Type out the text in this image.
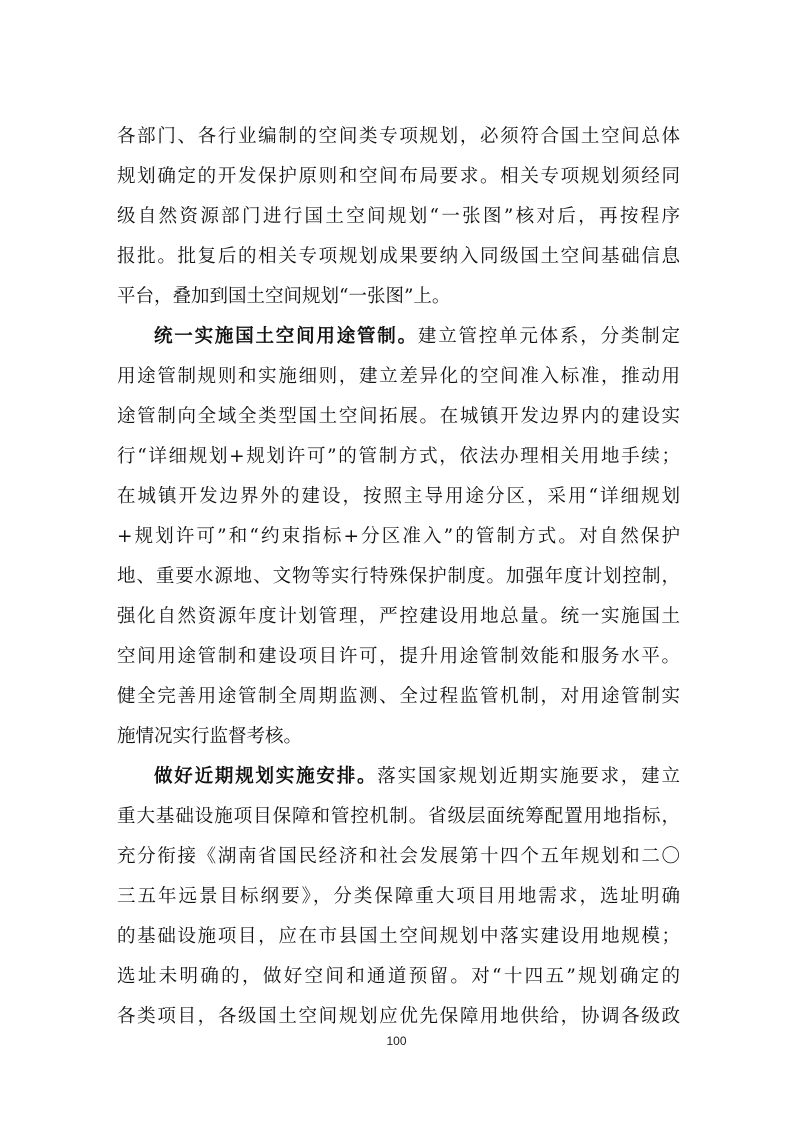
各部门、各行业编制的空间类专项规划，必须符合国土空间总体
规划确定的开发保护原则和空间布局要求。相关专项规划须经同
级自然资源部门进行国土空间规划“一张图”核对后，再按程序
报批。批复后的相关专项规划成果要纳入同级国土空间基础信息
平台，叠加到国土空间规划“一张图”上。
统一实施国土空间用途管制。建立管控单元体系，分类制定
用途管制规则和实施细则，建立差异化的空间准入标准，推动用
途管制向全域全类型国土空间拓展。在城镇开发边界内的建设实
行“详细规划+规划许可”的管制方式，依法办理相关用地手续；
在城镇开发边界外的建设，按照主导用途分区，采用“详细规划
+规划许可”和“约束指标+分区准入”的管制方式。对自然保护
地、重要水源地、文物等实行特殊保护制度。加强年度计划控制，
强化自然资源年度计划管理，严控建设用地总量。统一实施国土
空间用途管制和建设项目许可，提升用途管制效能和服务水平。
健全完善用途管制全周期监测、全过程监管机制，对用途管制实
施情况实行监督考核。
做好近期规划实施安排。落实国家规划近期实施要求，建立
重大基础设施项目保障和管控机制。省级层面统筹配置用地指标，
充分衔接《湖南省国民经济和社会发展第十四个五年规划和二〇
三五年远景目标纲要》，分类保障重大项目用地需求，选址明确
的基础设施项目，应在市县国土空间规划中落实建设用地规模；
选址未明确的，做好空间和通道预留。对“十四五”规划确定的
各类项目，各级国土空间规划应优先保障用地供给，协调各级政
100
